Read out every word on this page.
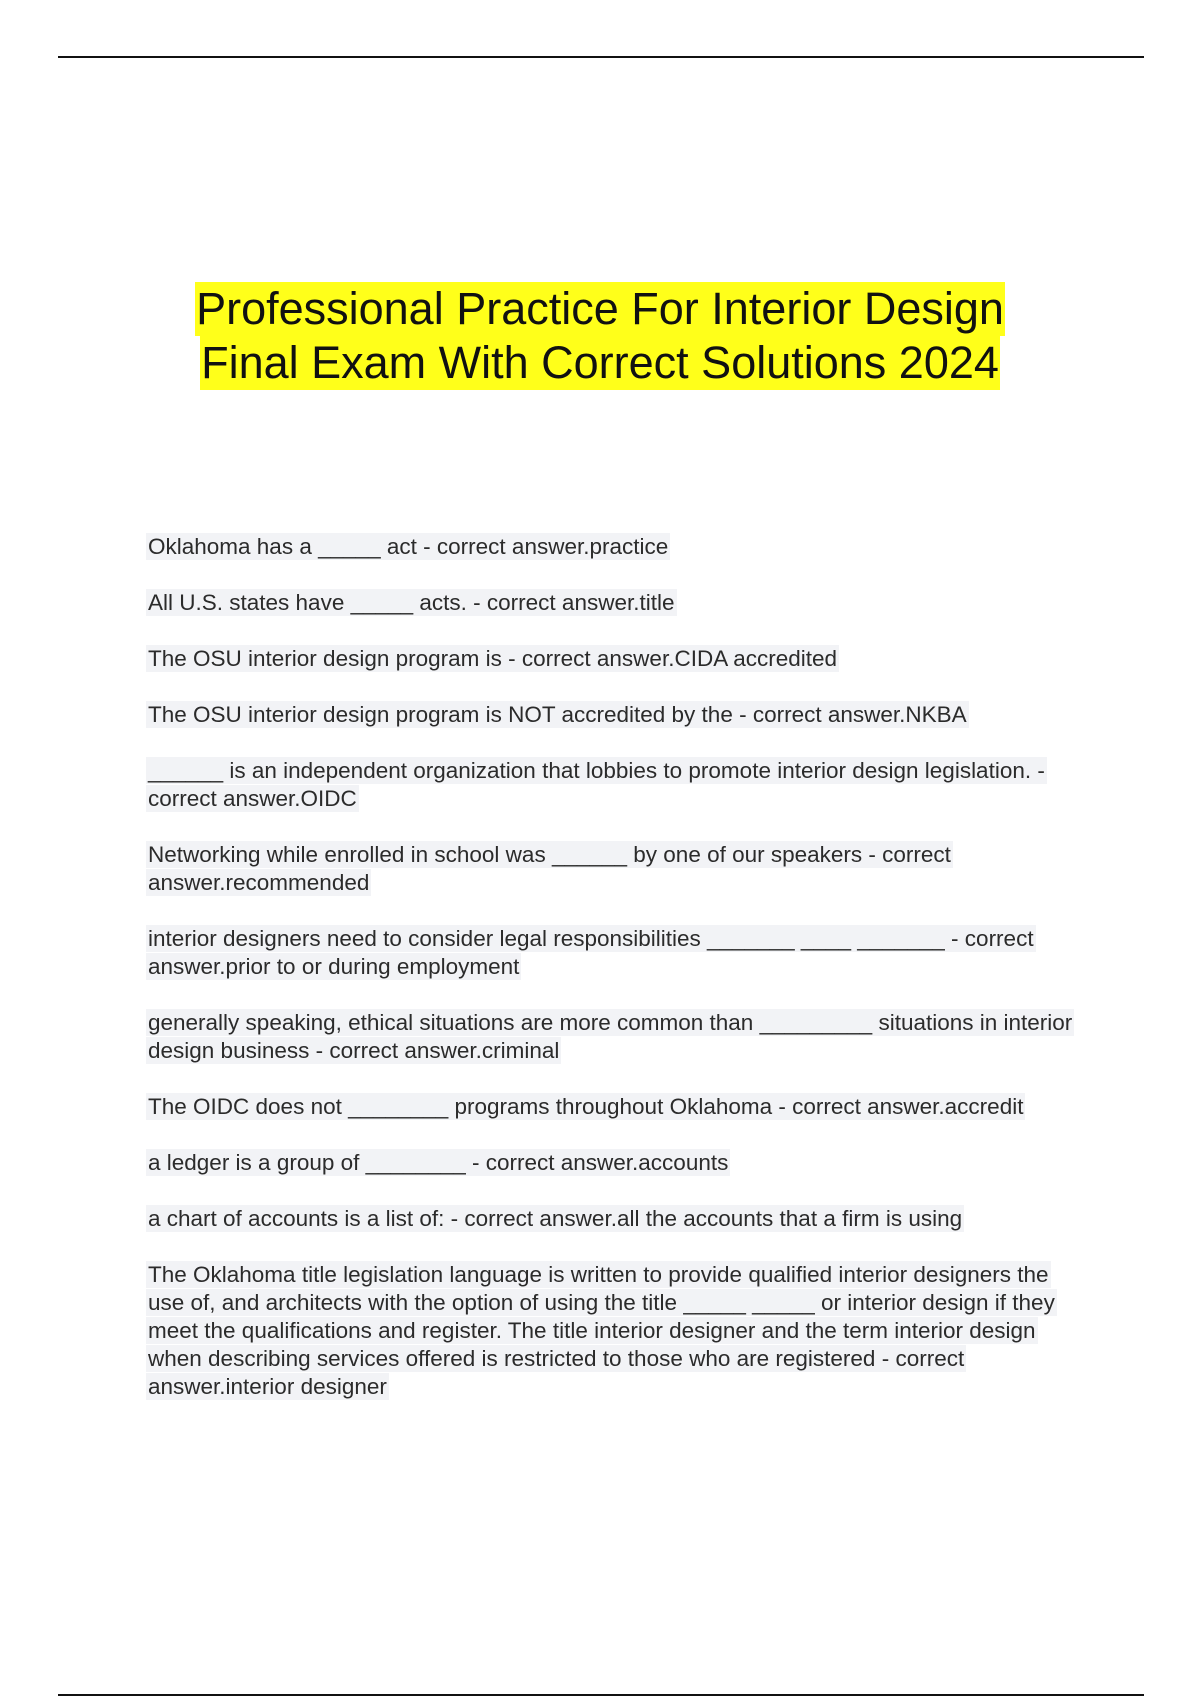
Professional Practice For Interior Design
Final Exam With Correct Solutions 2024

Oklahoma has a _____ act - correct answer.practice

All U.S. states have _____ acts. - correct answer.title

The OSU interior design program is - correct answer.CIDA accredited

The OSU interior design program is NOT accredited by the - correct answer.NKBA

______ is an independent organization that lobbies to promote interior design legislation. - correct answer.OIDC

Networking while enrolled in school was ______ by one of our speakers - correct answer.recommended

interior designers need to consider legal responsibilities _______ ____ _______ - correct answer.prior to or during employment

generally speaking, ethical situations are more common than _________ situations in interior design business - correct answer.criminal

The OIDC does not ________ programs throughout Oklahoma - correct answer.accredit

a ledger is a group of ________ - correct answer.accounts

a chart of accounts is a list of: - correct answer.all the accounts that a firm is using

The Oklahoma title legislation language is written to provide qualified interior designers the use of, and architects with the option of using the title _____ _____ or interior design if they meet the qualifications and register. The title interior designer and the term interior design when describing services offered is restricted to those who are registered - correct answer.interior designer
